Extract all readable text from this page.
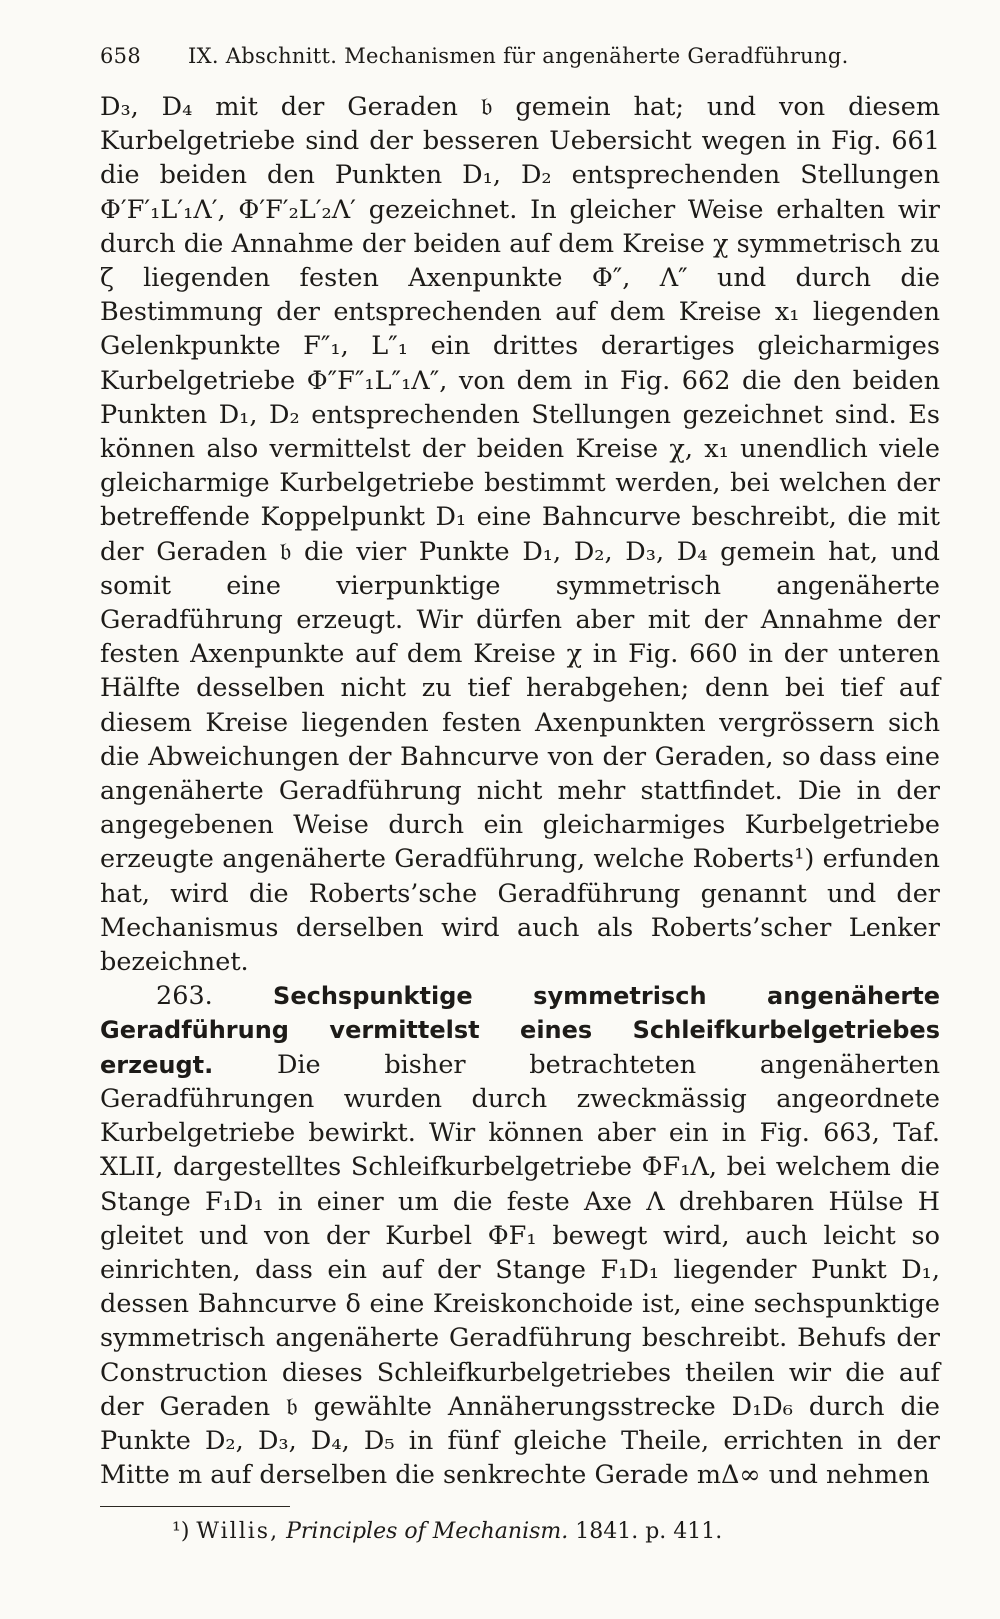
658 IX. Abschnitt. Mechanismen für angenäherte Geradführung.

D₃, D₄ mit der Geraden 𝔟 gemein hat; und von diesem Kurbelgetriebe sind der besseren Uebersicht wegen in Fig. 661 die beiden den Punkten D₁, D₂ entsprechenden Stellungen Φ′F′₁L′₁Λ′, Φ′F′₂L′₂Λ′ gezeichnet. In gleicher Weise erhalten wir durch die Annahme der beiden auf dem Kreise χ symmetrisch zu ζ liegenden festen Axenpunkte Φ″, Λ″ und durch die Bestimmung der entsprechenden auf dem Kreise x₁ liegenden Gelenkpunkte F″₁, L″₁ ein drittes derartiges gleicharmiges Kurbelgetriebe Φ″F″₁L″₁Λ″, von dem in Fig. 662 die den beiden Punkten D₁, D₂ entsprechenden Stellungen gezeichnet sind. Es können also vermittelst der beiden Kreise χ, x₁ unendlich viele gleicharmige Kurbelgetriebe bestimmt werden, bei welchen der betreffende Koppelpunkt D₁ eine Bahncurve beschreibt, die mit der Geraden 𝔟 die vier Punkte D₁, D₂, D₃, D₄ gemein hat, und somit eine vierpunktige symmetrisch angenäherte Geradführung erzeugt. Wir dürfen aber mit der Annahme der festen Axenpunkte auf dem Kreise χ in Fig. 660 in der unteren Hälfte desselben nicht zu tief herabgehen; denn bei tief auf diesem Kreise liegenden festen Axenpunkten vergrössern sich die Abweichungen der Bahncurve von der Geraden, so dass eine angenäherte Geradführung nicht mehr stattfindet. Die in der angegebenen Weise durch ein gleicharmiges Kurbelgetriebe erzeugte angenäherte Geradführung, welche Roberts¹) erfunden hat, wird die Roberts’sche Geradführung genannt und der Mechanismus derselben wird auch als Roberts’scher Lenker bezeichnet.

263.	Sechspunktige symmetrisch angenäherte Geradführung vermittelst eines Schleifkurbelgetriebes erzeugt. Die bisher betrachteten angenäherten Geradführungen wurden durch zweckmässig angeordnete Kurbelgetriebe bewirkt. Wir können aber ein in Fig. 663, Taf. XLII, dargestelltes Schleifkurbelgetriebe ΦF₁Λ, bei welchem die Stange F₁D₁ in einer um die feste Axe Λ drehbaren Hülse H gleitet und von der Kurbel ΦF₁ bewegt wird, auch leicht so einrichten, dass ein auf der Stange F₁D₁ liegender Punkt D₁, dessen Bahncurve δ eine Kreiskonchoide ist, eine sechspunktige symmetrisch angenäherte Geradführung beschreibt. Behufs der Construction dieses Schleifkurbelgetriebes theilen wir die auf der Geraden 𝔟 gewählte Annäherungsstrecke D₁D₆ durch die Punkte D₂, D₃, D₄, D₅ in fünf gleiche Theile, errichten in der Mitte m auf derselben die senkrechte Gerade mΔ∞ und nehmen

¹) Willis, Principles of Mechanism. 1841. p. 411.
